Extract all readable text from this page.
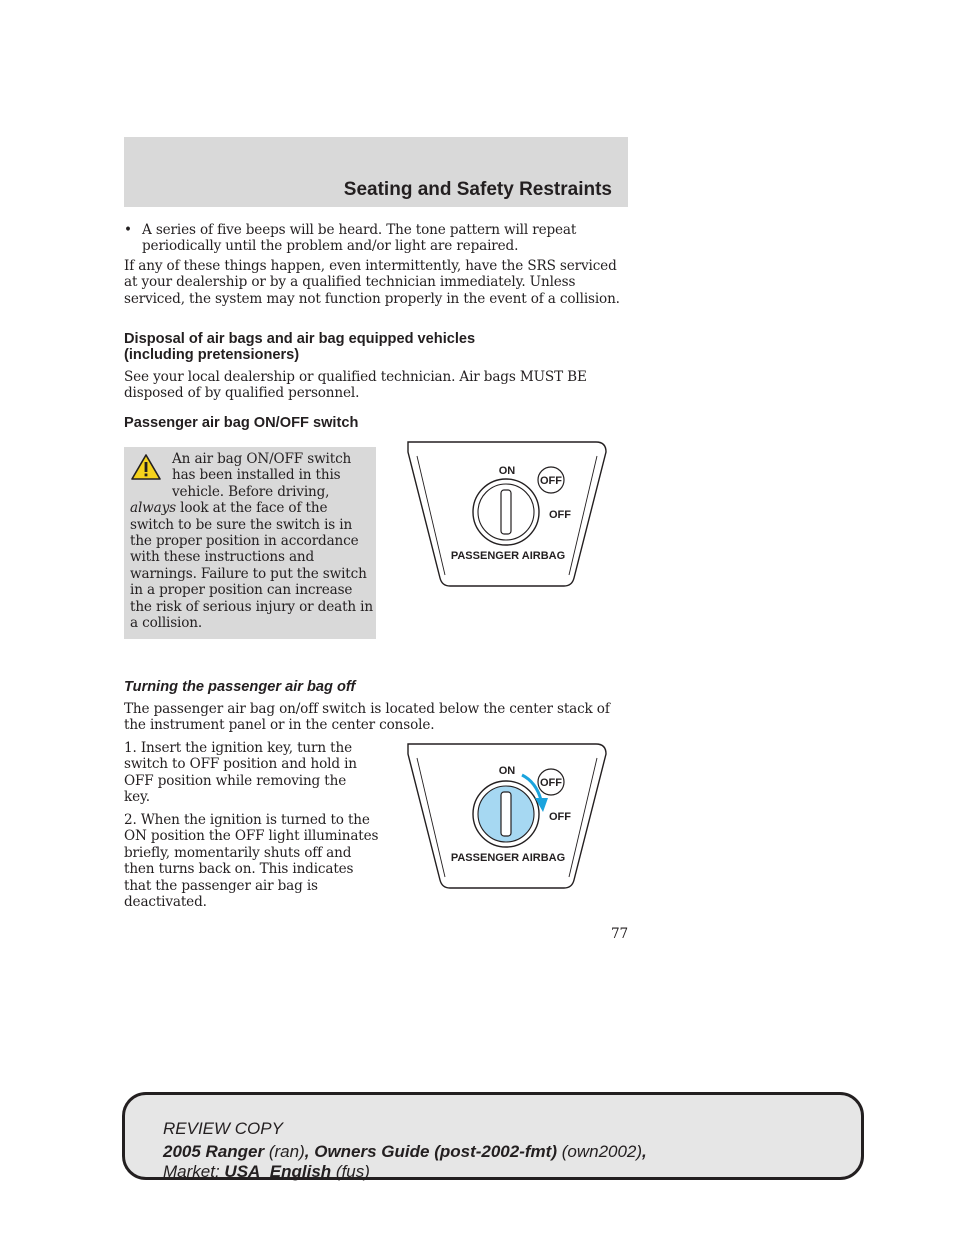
Seating and Safety Restraints
• A series of five beeps will be heard. The tone pattern will repeat periodically until the problem and/or light are repaired.
If any of these things happen, even intermittently, have the SRS serviced at your dealership or by a qualified technician immediately. Unless serviced, the system may not function properly in the event of a collision.
Disposal of air bags and air bag equipped vehicles
(including pretensioners)
See your local dealership or qualified technician. Air bags MUST BE disposed of by qualified personnel.
Passenger air bag ON/OFF switch
An air bag ON/OFF switch has been installed in this vehicle. Before driving, always look at the face of the switch to be sure the switch is in the proper position in accordance with these instructions and warnings. Failure to put the switch in a proper position can increase the risk of serious injury or death in a collision.
ON
OFF
OFF
PASSENGER AIRBAG
Turning the passenger air bag off
The passenger air bag on/off switch is located below the center stack of the instrument panel or in the center console.
1. Insert the ignition key, turn the switch to OFF position and hold in OFF position while removing the key.
2. When the ignition is turned to the ON position the OFF light illuminates briefly, momentarily shuts off and then turns back on. This indicates that the passenger air bag is deactivated.
ON
OFF
OFF
PASSENGER AIRBAG
77
REVIEW COPY
2005 Ranger (ran), Owners Guide (post-2002-fmt) (own2002),
Market: USA_English (fus)
